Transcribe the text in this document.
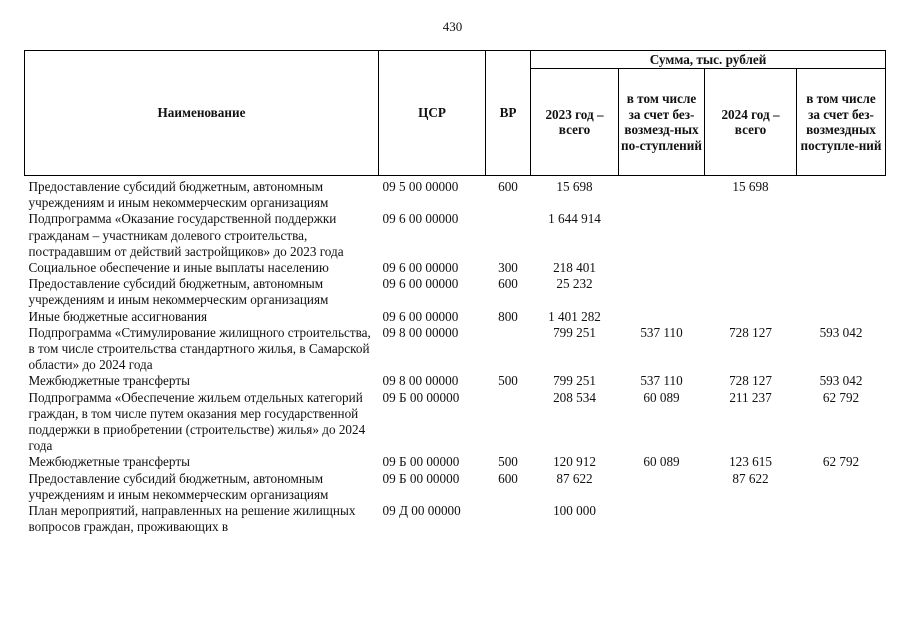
430
Наименование	ЦСР	ВР	Сумма, тыс. рублей			
			2023 год – всего	в том числе за счет без-возмезд-ных по-ступлений	2024 год – всего	в том числе за счет без-возмездных поступле-ний
Предоставление субсидий бюджетным, автономным учреждениям и иным некоммерческим организациям	09 5 00 00000	600	15 698		15 698	
Подпрограмма «Оказание государственной поддержки гражданам – участникам долевого строительства, пострадавшим от действий застройщиков» до 2023 года	09 6 00 00000		1 644 914			
Социальное обеспечение и иные выплаты населению	09 6 00 00000	300	218 401			
Предоставление субсидий бюджетным, автономным учреждениям и иным некоммерческим организациям	09 6 00 00000	600	25 232			
Иные бюджетные ассигнования	09 6 00 00000	800	1 401 282			
Подпрограмма «Стимулирование жилищного строительства, в том числе строительства стандартного жилья, в Самарской области» до 2024 года	09 8 00 00000		799 251	537 110	728 127	593 042
Межбюджетные трансферты	09 8 00 00000	500	799 251	537 110	728 127	593 042
Подпрограмма «Обеспечение жильем отдельных категорий граждан, в том числе путем оказания мер государственной поддержки в приобретении (строительстве) жилья» до 2024 года	09 Б 00 00000		208 534	60 089	211 237	62 792
Межбюджетные трансферты	09 Б 00 00000	500	120 912	60 089	123 615	62 792
Предоставление субсидий бюджетным, автономным учреждениям и иным некоммерческим организациям	09 Б 00 00000	600	87 622		87 622	
План мероприятий, направленных на решение жилищных вопросов граждан, проживающих в	09 Д 00 00000		100 000			
